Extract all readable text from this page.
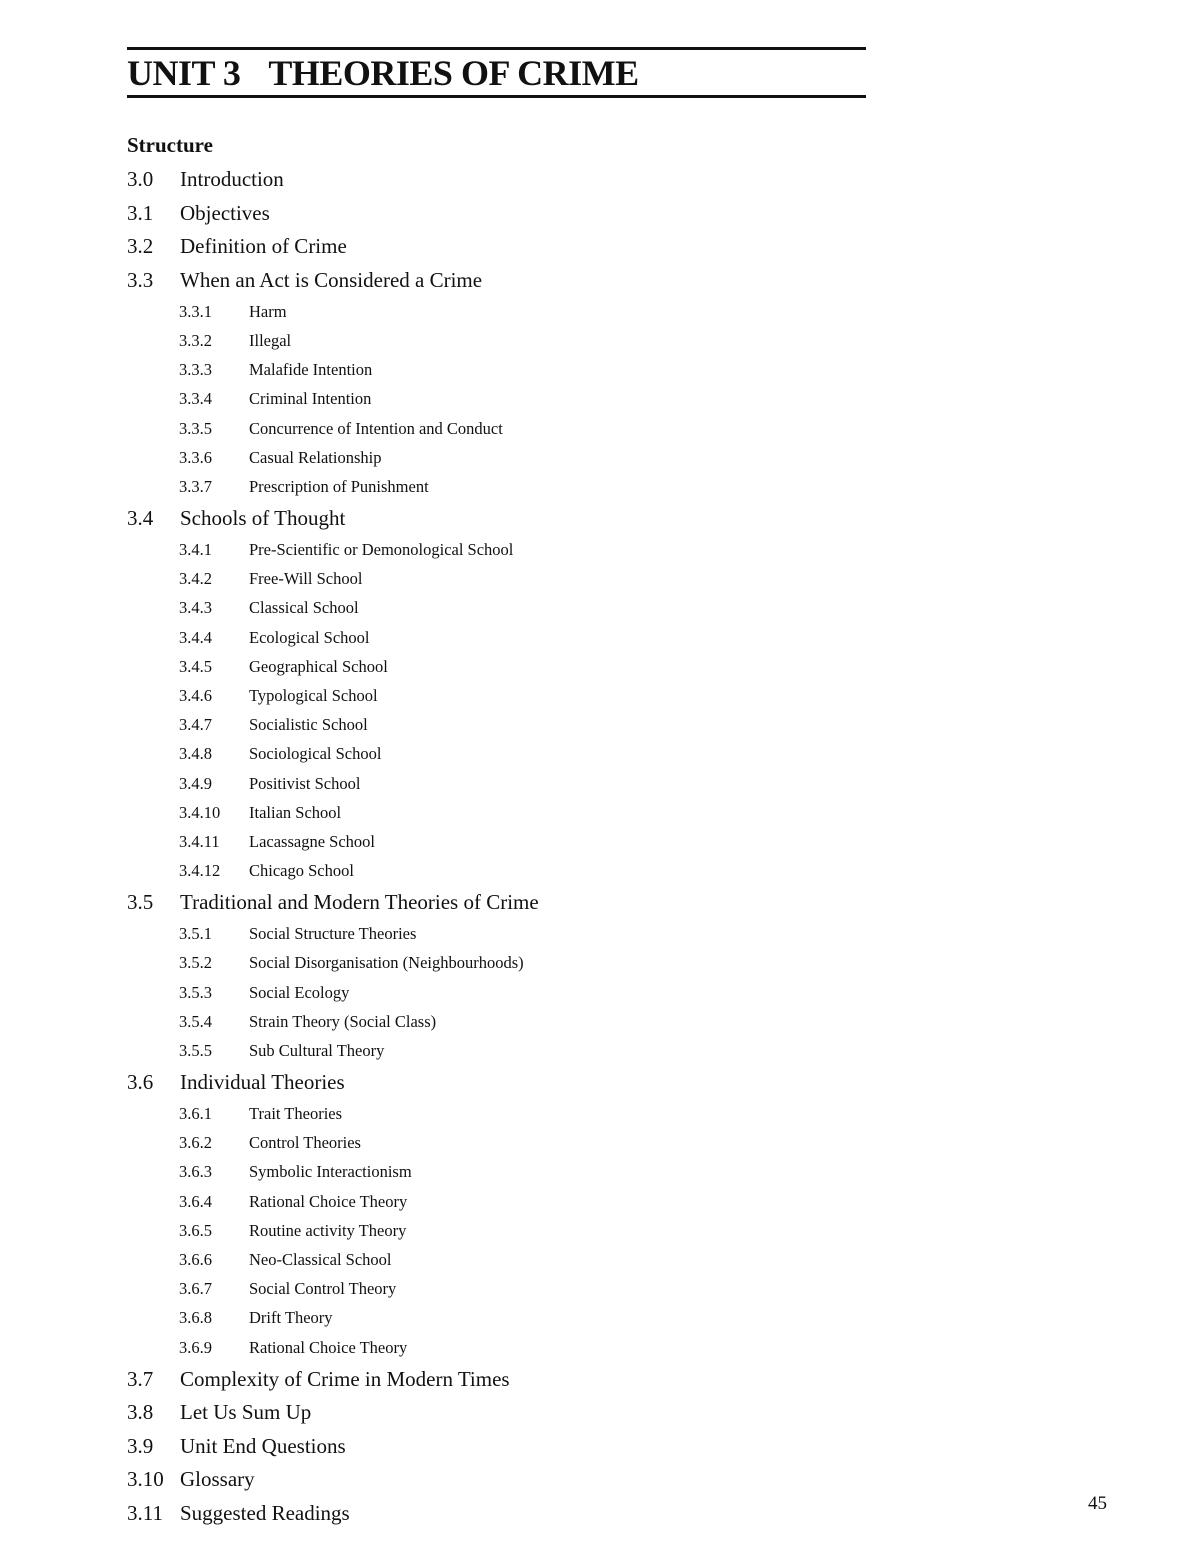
UNIT 3 THEORIES OF CRIME
Structure
3.0 Introduction
3.1 Objectives
3.2 Definition of Crime
3.3 When an Act is Considered a Crime
3.3.1 Harm
3.3.2 Illegal
3.3.3 Malafide Intention
3.3.4 Criminal Intention
3.3.5 Concurrence of Intention and Conduct
3.3.6 Casual Relationship
3.3.7 Prescription of Punishment
3.4 Schools of Thought
3.4.1 Pre-Scientific or Demonological School
3.4.2 Free-Will School
3.4.3 Classical School
3.4.4 Ecological School
3.4.5 Geographical School
3.4.6 Typological School
3.4.7 Socialistic School
3.4.8 Sociological School
3.4.9 Positivist School
3.4.10 Italian School
3.4.11 Lacassagne School
3.4.12 Chicago School
3.5 Traditional and Modern Theories of Crime
3.5.1 Social Structure Theories
3.5.2 Social Disorganisation (Neighbourhoods)
3.5.3 Social Ecology
3.5.4 Strain Theory (Social Class)
3.5.5 Sub Cultural Theory
3.6 Individual Theories
3.6.1 Trait Theories
3.6.2 Control Theories
3.6.3 Symbolic Interactionism
3.6.4 Rational Choice Theory
3.6.5 Routine activity Theory
3.6.6 Neo-Classical School
3.6.7 Social Control Theory
3.6.8 Drift Theory
3.6.9 Rational Choice Theory
3.7 Complexity of Crime in Modern Times
3.8 Let Us Sum Up
3.9 Unit End Questions
3.10 Glossary
3.11 Suggested Readings	45
